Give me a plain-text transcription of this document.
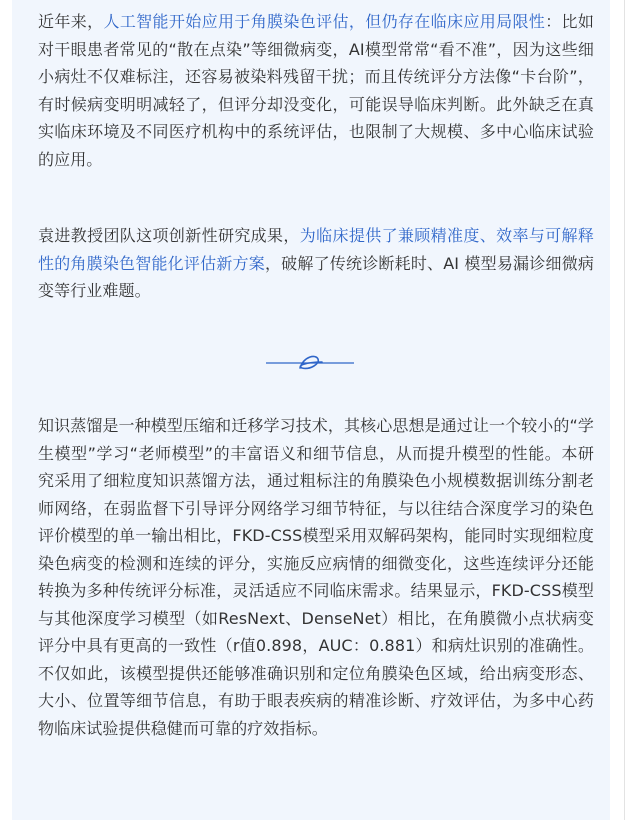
近年来，人工智能开始应用于角膜染色评估，但仍存在临床应用局限性：比如对干眼患者常见的“散在点染”等细微病变，AI模型常常“看不准”，因为这些细小病灶不仅难标注，还容易被染料残留干扰；而且传统评分方法像“卡台阶”，有时候病变明明减轻了，但评分却没变化，可能误导临床判断。此外缺乏在真实临床环境及不同医疗机构中的系统评估，也限制了大规模、多中心临床试验的应用。

袁进教授团队这项创新性研究成果，为临床提供了兼顾精准度、效率与可解释性的角膜染色智能化评估新方案，破解了传统诊断耗时、AI 模型易漏诊细微病变等行业难题。

知识蒸馏是一种模型压缩和迁移学习技术，其核心思想是通过让一个较小的“学生模型”学习“老师模型”的丰富语义和细节信息，从而提升模型的性能。本研究采用了细粒度知识蒸馏方法，通过粗标注的角膜染色小规模数据训练分割老师网络，在弱监督下引导评分网络学习细节特征，与以往结合深度学习的染色评价模型的单一输出相比，FKD-CSS模型采用双解码架构，能同时实现细粒度染色病变的检测和连续的评分，实施反应病情的细微变化，这些连续评分还能转换为多种传统评分标准，灵活适应不同临床需求。结果显示，FKD-CSS模型与其他深度学习模型（如ResNext、DenseNet）相比，在角膜微小点状病变评分中具有更高的一致性（r值0.898，AUC：0.881）和病灶识别的准确性。不仅如此，该模型提供还能够准确识别和定位角膜染色区域，给出病变形态、大小、位置等细节信息，有助于眼表疾病的精准诊断、疗效评估，为多中心药物临床试验提供稳健而可靠的疗效指标。
